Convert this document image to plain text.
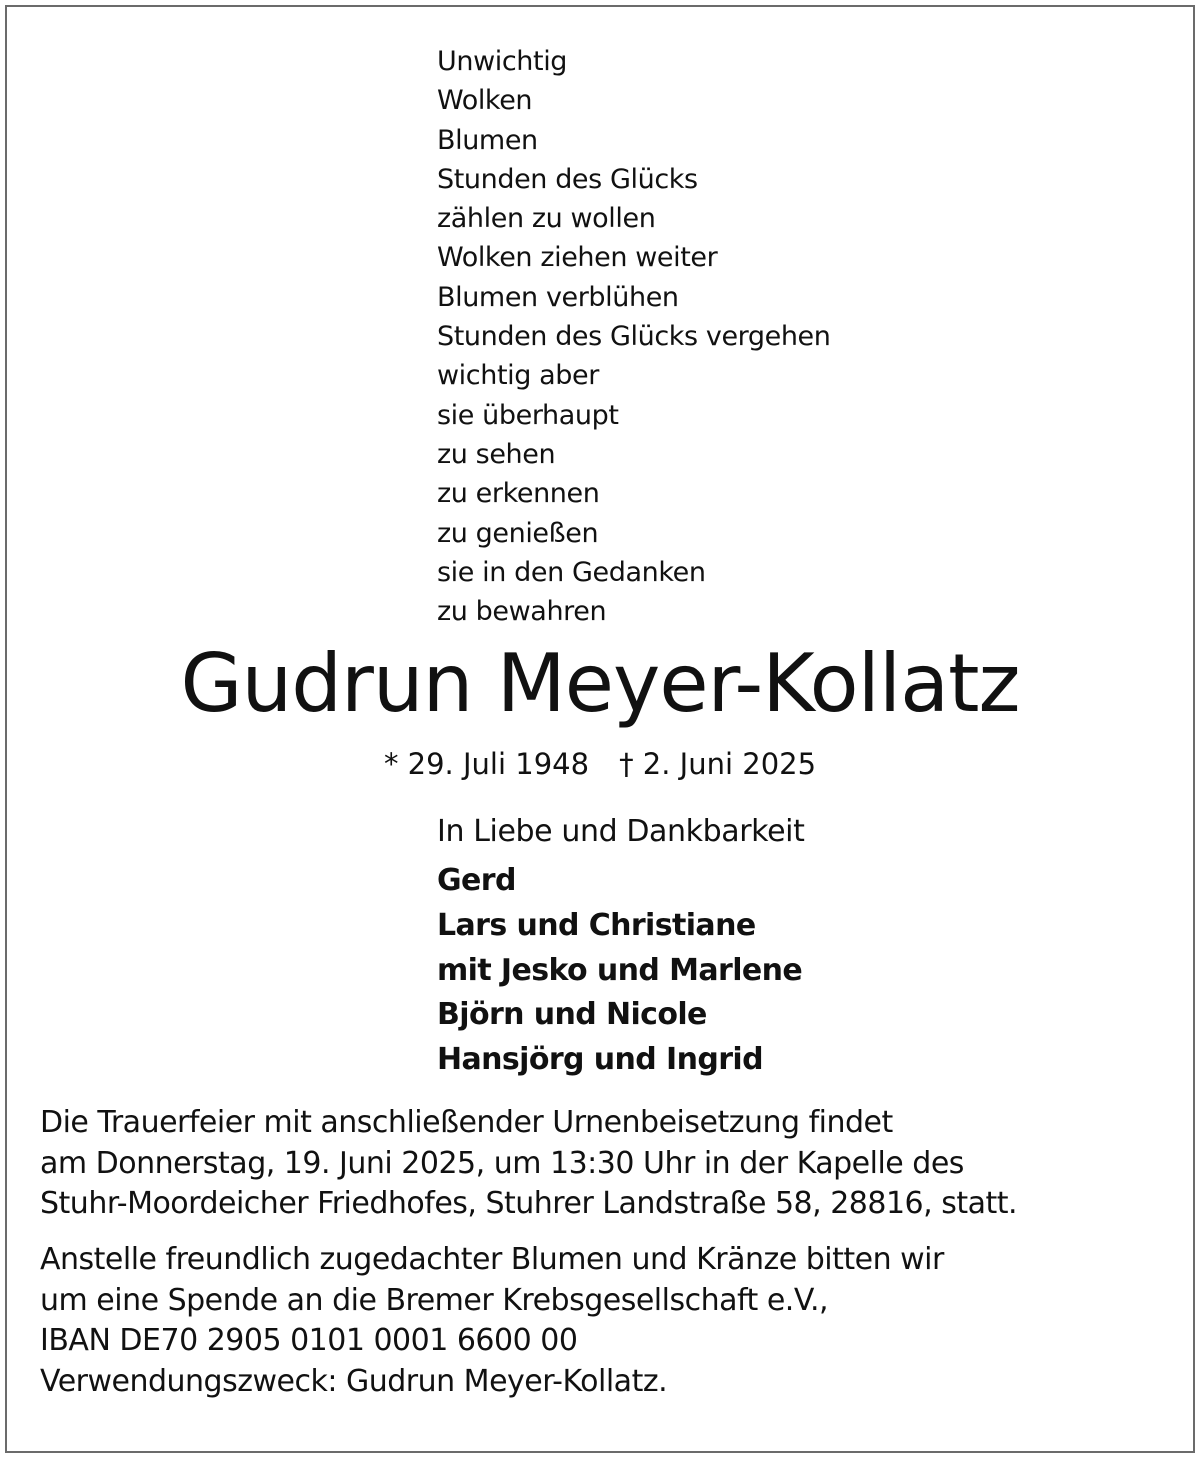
Unwichtig
Wolken
Blumen
Stunden des Glücks
zählen zu wollen
Wolken ziehen weiter
Blumen verblühen
Stunden des Glücks vergehen
wichtig aber
sie überhaupt
zu sehen
zu erkennen
zu genießen
sie in den Gedanken
zu bewahren
Gudrun Meyer-Kollatz
* 29. Juli 1948 † 2. Juni 2025
In Liebe und Dankbarkeit
Gerd
Lars und Christiane
mit Jesko und Marlene
Björn und Nicole
Hansjörg und Ingrid
Die Trauerfeier mit anschließender Urnenbeisetzung findet
am Donnerstag, 19. Juni 2025, um 13:30 Uhr in der Kapelle des
Stuhr-Moordeicher Friedhofes, Stuhrer Landstraße 58, 28816, statt.
Anstelle freundlich zugedachter Blumen und Kränze bitten wir
um eine Spende an die Bremer Krebsgesellschaft e.V.,
IBAN DE70 2905 0101 0001 6600 00
Verwendungszweck: Gudrun Meyer-Kollatz.
